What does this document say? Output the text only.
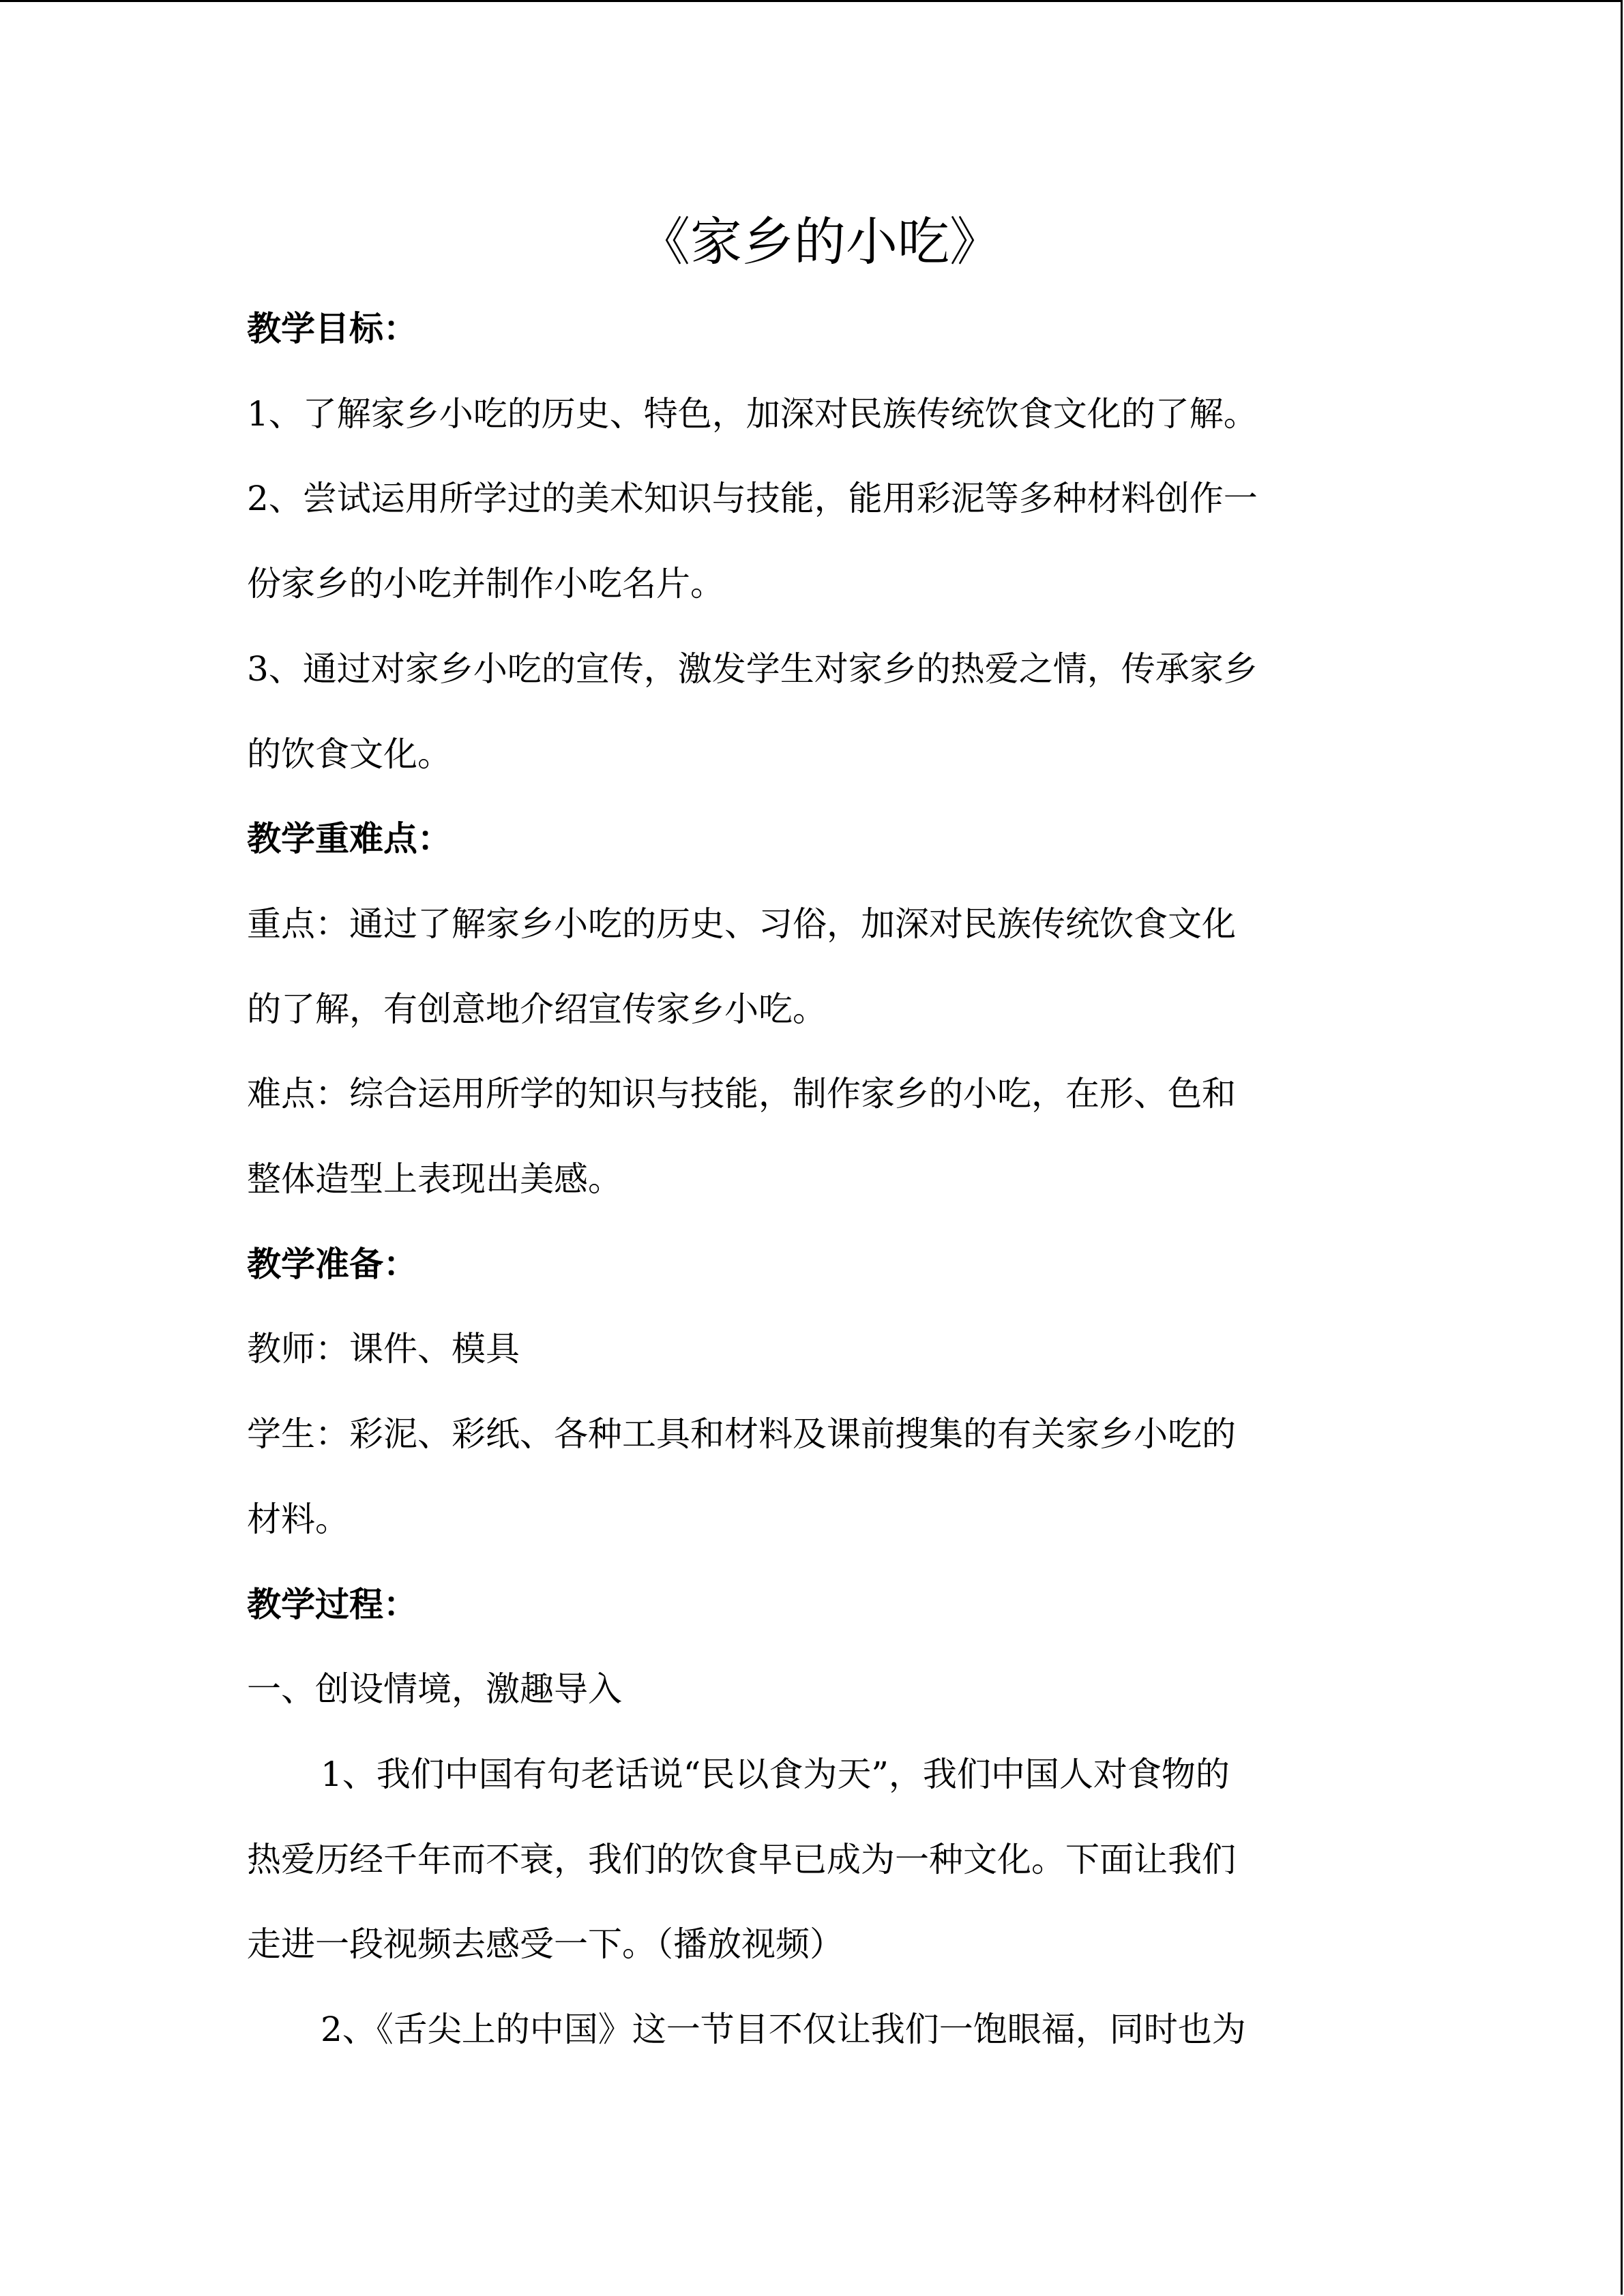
《家乡的小吃》

教学目标：

1、了解家乡小吃的历史、特色，加深对民族传统饮食文化的了解。

2、尝试运用所学过的美术知识与技能，能用彩泥等多种材料创作一

份家乡的小吃并制作小吃名片。

3、通过对家乡小吃的宣传，激发学生对家乡的热爱之情，传承家乡

的饮食文化。

教学重难点：

重点：通过了解家乡小吃的历史、习俗，加深对民族传统饮食文化

的了解，有创意地介绍宣传家乡小吃。

难点：综合运用所学的知识与技能，制作家乡的小吃，在形、色和

整体造型上表现出美感。

教学准备：

教师：课件、模具

学生：彩泥、彩纸、各种工具和材料及课前搜集的有关家乡小吃的

材料。

教学过程：

一、创设情境，激趣导入

1、我们中国有句老话说“民以食为天”，我们中国人对食物的

热爱历经千年而不衰，我们的饮食早已成为一种文化。下面让我们

走进一段视频去感受一下。（播放视频）

2、《舌尖上的中国》这一节目不仅让我们一饱眼福，同时也为
